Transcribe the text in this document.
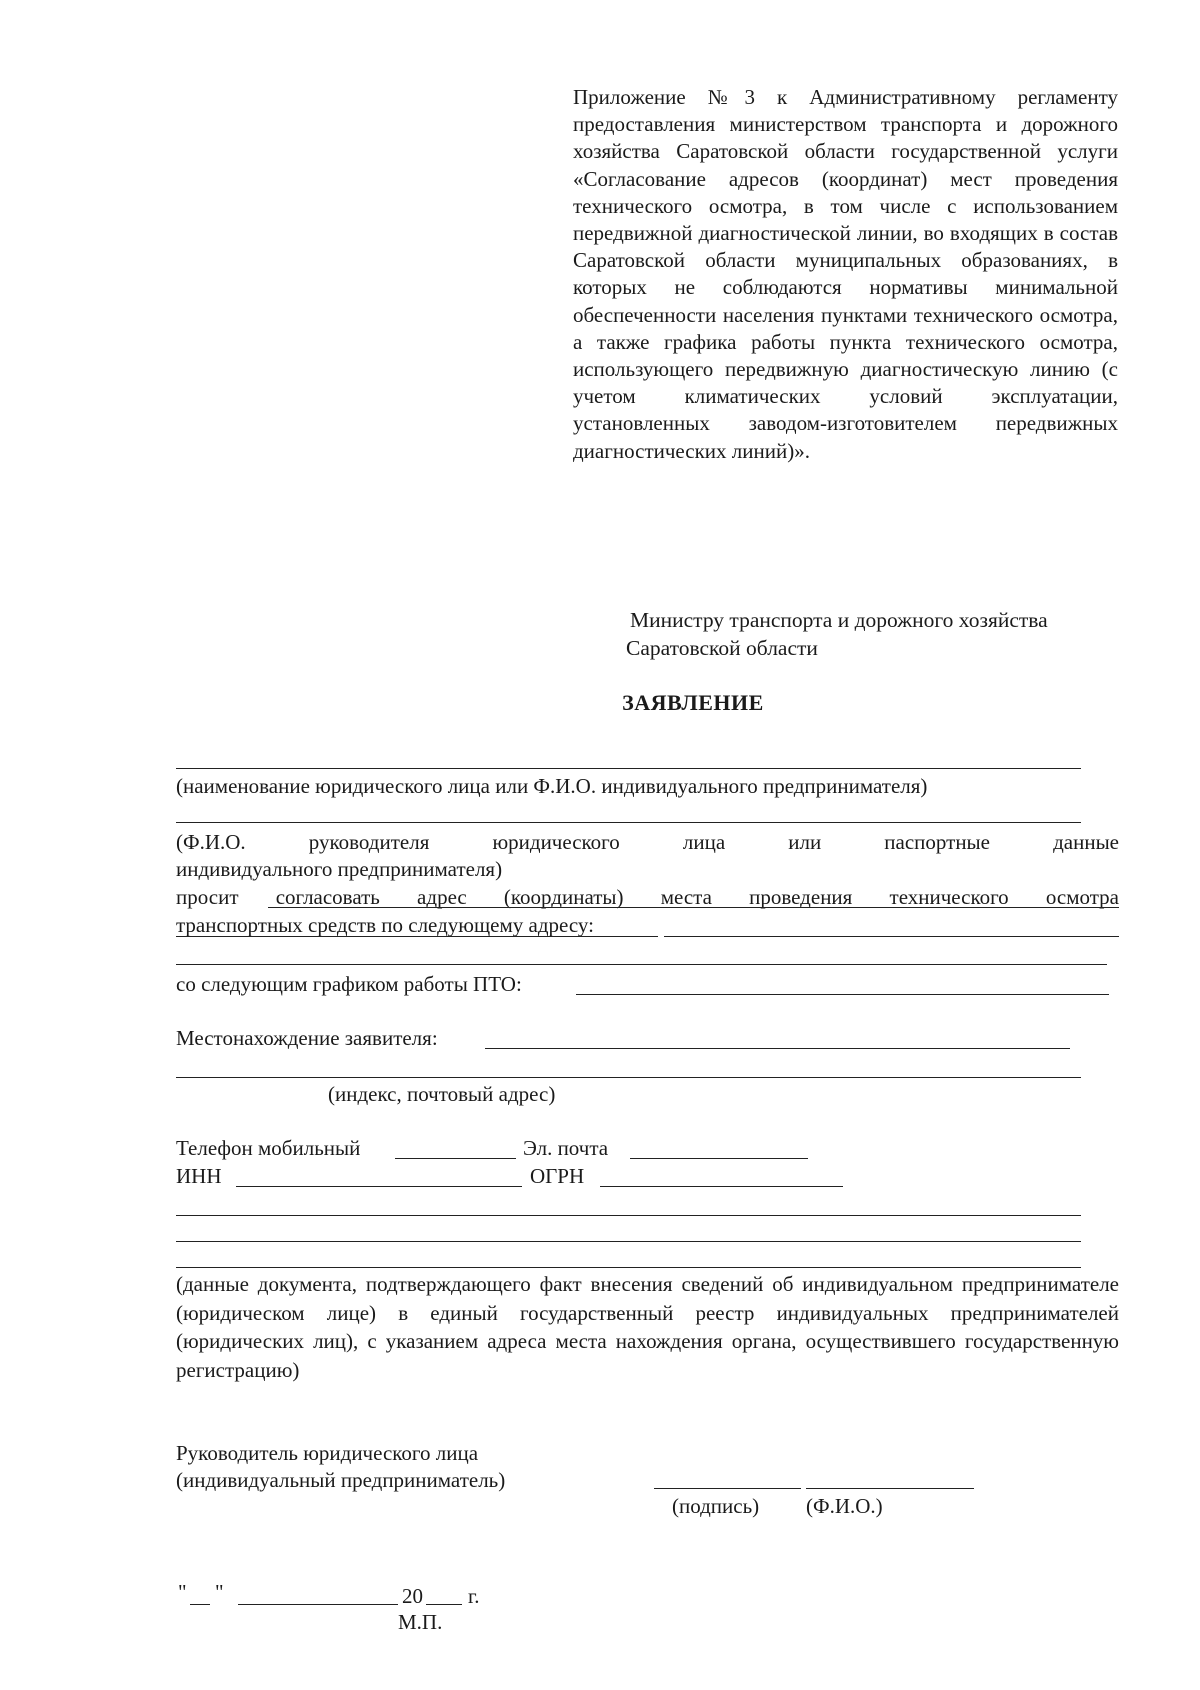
Приложение №3 к Административному регламенту предоставления министерством транспорта и дорожного хозяйства Саратовской области государственной услуги «Согласование адресов (координат) мест проведения технического осмотра, в том числе с использованием передвижной диагностической линии, во входящих в состав Саратовской области муниципальных образованиях, в которых не соблюдаются нормативы минимальной обеспеченности населения пунктами технического осмотра, а также графика работы пункта технического осмотра, использующего передвижную диагностическую линию (с учетом климатических условий эксплуатации, установленных заводом-изготовителем передвижных диагностических линий)».
Министру транспорта и дорожного хозяйства
Саратовской области
ЗАЯВЛЕНИЕ
(наименование юридического лица или Ф.И.О. индивидуального предпринимателя)
(Ф.И.О. руководителя юридического лица или паспортные данные
индивидуального предпринимателя)
просит согласовать адрес (координаты) места проведения технического осмотра
транспортных средств по следующему адресу:
со следующим графиком работы ПТО:
Местонахождение заявителя:
(индекс, почтовый адрес)
Телефон мобильный	Эл. почта
ИНН	ОГРН
(данные документа, подтверждающего факт внесения сведений об индивидуальном предпринимателе (юридическом лице) в единый государственный реестр индивидуальных предпринимателей (юридических лиц), с указанием адреса места нахождения органа, осуществившего государственную регистрацию)
Руководитель юридического лица
(индивидуальный предприниматель)
(подпись) (Ф.И.О.)
" "	20 г.
М.П.
